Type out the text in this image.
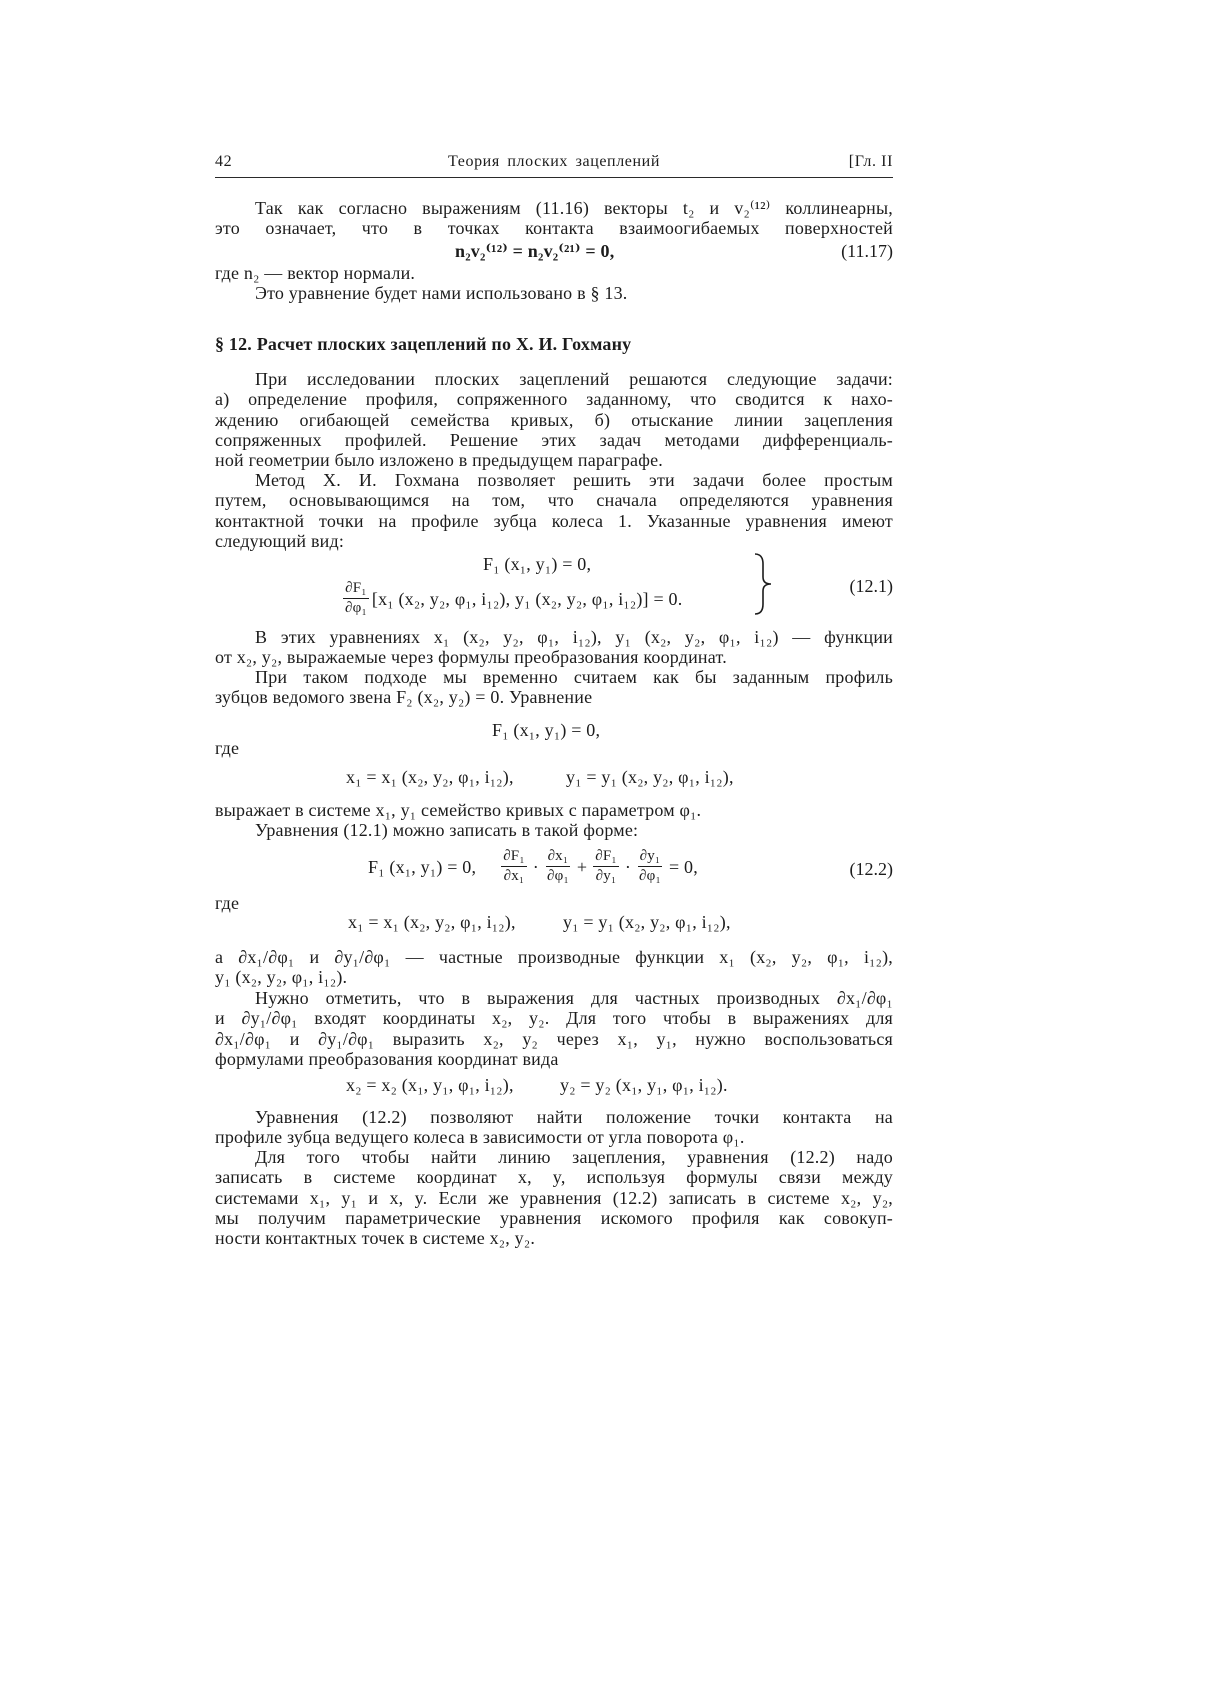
42	Теория плоских зацеплений	[Гл. II
Так как согласно выражениям (11.16) векторы t₂ и v₂⁽¹²⁾ коллинеарны,
это означает, что в точках контакта взаимоогибаемых поверхностей
n₂v₂⁽¹²⁾ = n₂v₂⁽²¹⁾ = 0,	(11.17)
где n₂ — вектор нормали.
Это уравнение будет нами использовано в § 13.
§ 12. Расчет плоских зацеплений по Х. И. Гохману
При исследовании плоских зацеплений решаются следующие задачи:
а) определение профиля, сопряженного заданному, что сводится к нахо-
ждению огибающей семейства кривых, б) отыскание линии зацепления
сопряженных профилей. Решение этих задач методами дифференциаль-
ной геометрии было изложено в предыдущем параграфе.
Метод Х. И. Гохмана позволяет решить эти задачи более простым
путем, основывающимся на том, что сначала определяются уравнения
контактной точки на профиле зубца колеса 1. Указанные уравнения имеют
следующий вид:
F₁ (x₁, y₁) = 0,
$\frac{\text{∂F₁}}{\text{∂φ₁}} [x_1$ (x₂, y₂, φ₁, i₁₂), y₁ (x₂, y₂, φ₁, i₁₂)] = 0.
(12.1)
В этих уравнениях x₁ (x₂, y₂, φ₁, i₁₂), y₁ (x₂, y₂, φ₁, i₁₂) — функции
от x₂, y₂, выражаемые через формулы преобразования координат.
При таком подходе мы временно считаем как бы заданным профиль
зубцов ведомого звена F₂ (x₂, y₂) = 0. Уравнение
F₁ (x₁, y₁) = 0,
где
x₁ = x₁ (x₂, y₂, φ₁, i₁₂),	y₁ = y₁ (x₂, y₂, φ₁, i₁₂),
выражает в системе x₁, y₁ семейство кривых с параметром φ₁.
Уравнения (12.1) можно записать в такой форме:
F₁ (x₁, y₁) = 0, $\frac{\text{∂F₁}}{\text{∂x₁}} \cdot \frac{\text{∂x₁}}{\text{∂φ₁}} + \frac{\text{∂F₁}}{\text{∂y₁}} \cdot \frac{\text{∂y₁}}{\text{∂φ₁}} = 0$,	(12.2)
где
x₁ = x₁ (x₂, y₂, φ₁, i₁₂),	y₁ = y₁ (x₂, y₂, φ₁, i₁₂),
а ∂x₁/∂φ₁ и ∂y₁/∂φ₁ — частные производные функции x₁ (x₂, y₂, φ₁, i₁₂),
y₁ (x₂, y₂, φ₁, i₁₂).
Нужно отметить, что в выражения для частных производных ∂x₁/∂φ₁
и ∂y₁/∂φ₁ входят координаты x₂, y₂. Для того чтобы в выражениях для
∂x₁/∂φ₁ и ∂y₁/∂φ₁ выразить x₂, y₂ через x₁, y₁, нужно воспользоваться
формулами преобразования координат вида
x₂ = x₂ (x₁, y₁, φ₁, i₁₂),	y₂ = y₂ (x₁, y₁, φ₁, i₁₂).
Уравнения (12.2) позволяют найти положение точки контакта на
профиле зубца ведущего колеса в зависимости от угла поворота φ₁.
Для того чтобы найти линию зацепления, уравнения (12.2) надо
записать в системе координат x, y, используя формулы связи между
системами x₁, y₁ и x, y. Если же уравнения (12.2) записать в системе x₂, y₂,
мы получим параметрические уравнения искомого профиля как совокуп-
ности контактных точек в системе x₂, y₂.
